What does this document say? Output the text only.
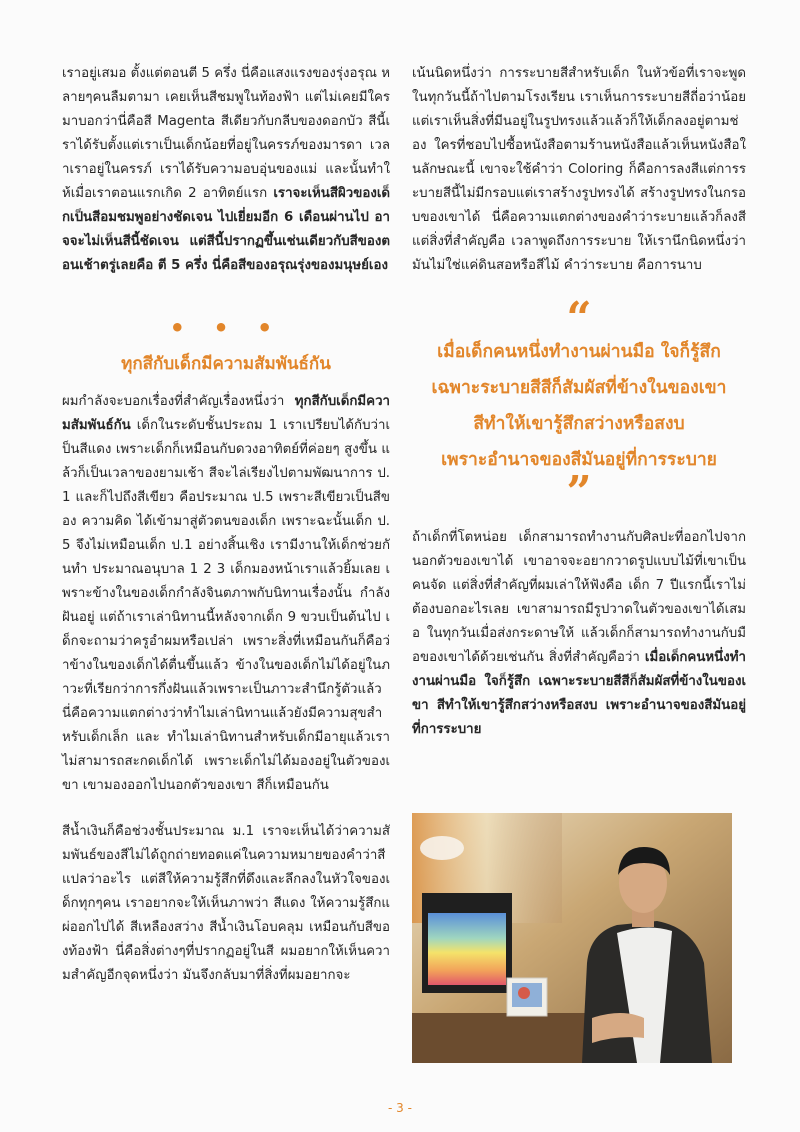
เราอยู่เสมอ ตั้งแต่ตอนตี 5 ครึ่ง นี่คือแสงแรงของรุ่งอรุณ หลายๆคนลืมตามา เคยเห็นสีชมพูในท้องฟ้า แต่ไม่เคยมีใครมาบอกว่านี่คือสี Magenta สีเดียวกับกลีบของดอกบัว สีนี้เราได้รับตั้งแต่เราเป็นเด็กน้อยที่อยู่ในครรภ์ของมารดา เวลาเราอยู่ในครรภ์ เราได้รับความอบอุ่นของแม่ และนั้นทำให้เมื่อเราตอนแรกเกิด 2 อาทิตย์แรก เราจะเห็นสีผิวของเด็กเป็นสีอมชมพูอย่างชัดเจน ไปเยี่ยมอีก 6 เดือนผ่านไป อาจจะไม่เห็นสีนี้ชัดเจน แต่สีนี้ปรากฏขึ้นเช่นเดียวกับสีของตอนเช้าตรู่เลยคือ ตี 5 ครึ่ง นี่คือสีของอรุณรุ่งของมนุษย์เอง

• • •
ทุกสีกับเด็กมีความสัมพันธ์กัน

ผมกำลังจะบอกเรื่องที่สำคัญเรื่องหนึ่งว่า ทุกสีกับเด็กมีความสัมพันธ์กัน เด็กในระดับชั้นประถม 1 เราเปรียบได้กับว่าเป็นสีแดง เพราะเด็กก็เหมือนกับดวงอาทิตย์ที่ค่อยๆ สูงขึ้น แล้วก็เป็นเวลาของยามเช้า สีจะไล่เรียงไปตามพัฒนาการ ป.1 และก็ไปถึงสีเขียว คือประมาณ ป.5 เพราะสีเขียวเป็นสีของ ความคิด ได้เข้ามาสู่ตัวตนของเด็ก เพราะฉะนั้นเด็ก ป.5 จึงไม่เหมือนเด็ก ป.1 อย่างสิ้นเชิง เรามีงานให้เด็กช่วยกันทำ ประมาณอนุบาล 1 2 3 เด็กมองหน้าเราแล้วยิ้มเลย เพราะข้างในของเด็กกำลังจินตภาพกับนิทานเรื่องนั้น กำลังฝันอยู่ แต่ถ้าเราเล่านิทานนี้หลังจากเด็ก 9 ขวบเป็นต้นไป เด็กจะถามว่าครูอำผมหรือเปล่า เพราะสิ่งที่เหมือนกันก็คือว่าข้างในของเด็กได้ตื่นขึ้นแล้ว ข้างในของเด็กไม่ได้อยู่ในภาวะที่เรียกว่าการกึ่งฝันแล้วเพราะเป็นภาวะสำนึกรู้ตัวแล้ว นี่คือความแตกต่างว่าทำไมเล่านิทานแล้วยังมีความสุขสำหรับเด็กเล็ก และ ทำไมเล่านิทานสำหรับเด็กมีอายุแล้วเราไม่สามารถสะกดเด็กได้ เพราะเด็กไม่ได้มองอยู่ในตัวของเขา เขามองออกไปนอกตัวของเขา สีก็เหมือนกัน

สีน้ำเงินก็คือช่วงชั้นประมาณ ม.1 เราจะเห็นได้ว่าความสัมพันธ์ของสีไม่ได้ถูกถ่ายทอดแค่ในความหมายของคำว่าสีแปลว่าอะไร แต่สีให้ความรู้สึกที่ดึงและลึกลงในหัวใจของเด็กทุกๆคน เราอยากจะให้เห็นภาพว่า สีแดง ให้ความรู้สึกแผ่ออกไปได้ สีเหลืองสว่าง สีน้ำเงินโอบคลุม เหมือนกับสีของท้องฟ้า นี่คือสิ่งต่างๆที่ปรากฏอยู่ในสี ผมอยากให้เห็นความสำคัญอีกจุดหนึ่งว่า มันจึงกลับมาที่สิ่งที่ผมอยากจะ

เน้นนิดหนึ่งว่า การระบายสีสำหรับเด็ก ในหัวข้อที่เราจะพูด ในทุกวันนี้ถ้าไปตามโรงเรียน เราเห็นการระบายสีถี่อว่าน้อย แต่เราเห็นสิ่งที่มีนอยู่ในรูปทรงแล้วแล้วก็ให้เด็กลงอยู่ตามช่อง ใครที่ชอบไปซื้อหนังสือตามร้านหนังสือแล้วเห็นหนังสือในลักษณะนี้ เขาจะใช้คำว่า Coloring ก็คือการลงสีแต่การระบายสีนี้ไม่มีกรอบแต่เราสร้างรูปทรงได้ สร้างรูปทรงในกรอบของเขาได้ นี่คือความแตกต่างของคำว่าระบายแล้วก็ลงสี แต่สิ่งที่สำคัญคือ เวลาพูดถึงการระบาย ให้เรานึกนิดหนึ่งว่ามันไม่ใช่แค่ดินสอหรือสีไม้ คำว่าระบาย คือการนาบ

“
เมื่อเด็กคนหนึ่งทำงานผ่านมือ ใจก็รู้สึก
เฉพาะระบายสีสีก็สัมผัสที่ข้างในของเขา
สีทำให้เขารู้สึกสว่างหรือสงบ
เพราะอำนาจของสีมันอยู่ที่การระบาย
”

ถ้าเด็กที่โตหน่อย เด็กสามารถทำงานกับศิลปะที่ออกไปจากนอกตัวของเขาได้ เขาอาจจะอยากวาดรูปแบบไม้ที่เขาเป็นคนจัด แต่สิ่งที่สำคัญที่ผมเล่าให้ฟังคือ เด็ก 7 ปีแรกนี้เราไม่ต้องบอกอะไรเลย เขาสามารถมีรูปวาดในตัวของเขาได้เสมอ ในทุกวันเมื่อส่งกระดาษให้ แล้วเด็กก็สามารถทำงานกับมือของเขาได้ด้วยเช่นกัน สิ่งที่สำคัญคือว่า เมื่อเด็กคนหนึ่งทำงานผ่านมือ ใจก็รู้สึก เฉพาะระบายสีสีก็สัมผัสที่ข้างในของเขา สีทำให้เขารู้สึกสว่างหรือสงบ เพราะอำนาจของสีมันอยู่ที่การระบาย

- 3 -
